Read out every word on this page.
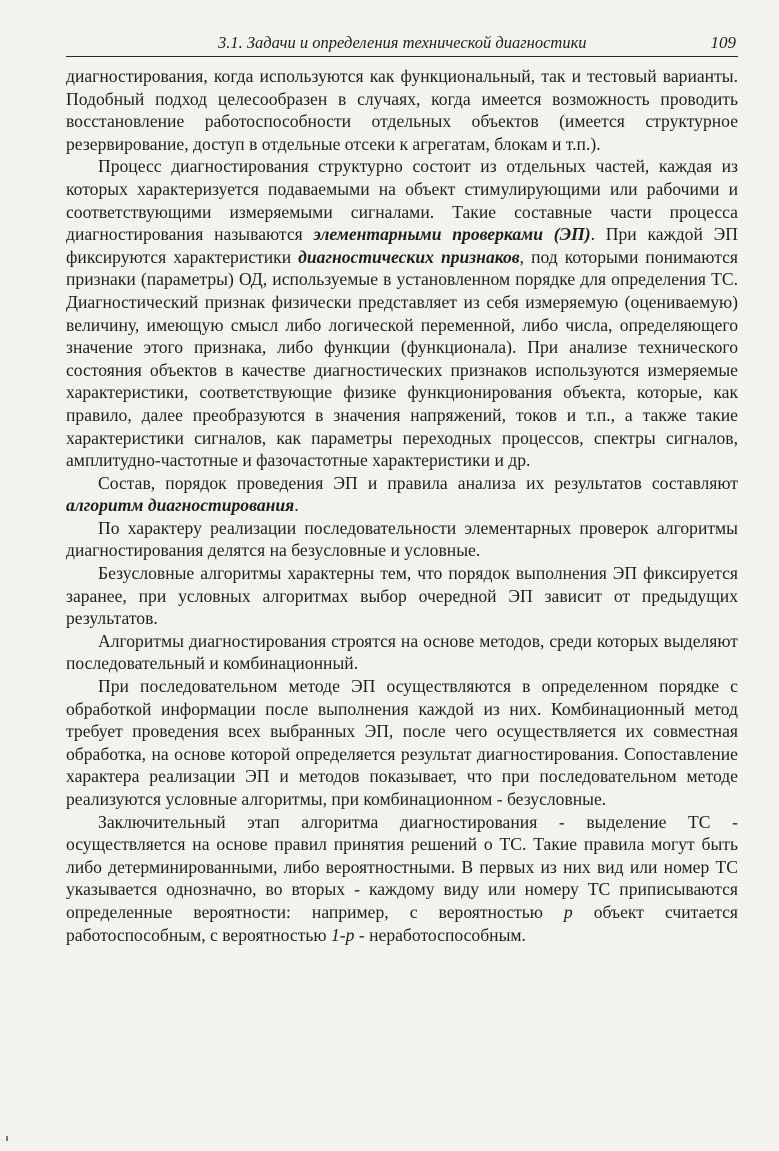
3.1. Задачи и определения технической диагностики	109

диагностирования, когда используются как функциональный, так и тестовый варианты. Подобный подход целесообразен в случаях, когда имеется возможность проводить восстановление работоспособности отдельных объектов (имеется структурное резервирование, доступ в отдельные отсеки к агрегатам, блокам и т.п.).

Процесс диагностирования структурно состоит из отдельных частей, каждая из которых характеризуется подаваемыми на объект стимулирующими или рабочими и соответствующими измеряемыми сигналами. Такие составные части процесса диагностирования называются элементарными проверками (ЭП). При каждой ЭП фиксируются характеристики диагностических признаков, под которыми понимаются признаки (параметры) ОД, используемые в установленном порядке для определения ТС. Диагностический признак физически представляет из себя измеряемую (оцениваемую) величину, имеющую смысл либо логической переменной, либо числа, определяющего значение этого признака, либо функции (функционала). При анализе технического состояния объектов в качестве диагностических признаков используются измеряемые характеристики, соответствующие физике функционирования объекта, которые, как правило, далее преобразуются в значения напряжений, токов и т.п., а также такие характеристики сигналов, как параметры переходных процессов, спектры сигналов, амплитудно-частотные и фазочастотные характеристики и др.

Состав, порядок проведения ЭП и правила анализа их результатов составляют алгоритм диагностирования.

По характеру реализации последовательности элементарных проверок алгоритмы диагностирования делятся на безусловные и условные.

Безусловные алгоритмы характерны тем, что порядок выполнения ЭП фиксируется заранее, при условных алгоритмах выбор очередной ЭП зависит от предыдущих результатов.

Алгоритмы диагностирования строятся на основе методов, среди которых выделяют последовательный и комбинационный.

При последовательном методе ЭП осуществляются в определенном порядке с обработкой информации после выполнения каждой из них. Комбинационный метод требует проведения всех выбранных ЭП, после чего осуществляется их совместная обработка, на основе которой определяется результат диагностирования. Сопоставление характера реализации ЭП и методов показывает, что при последовательном методе реализуются условные алгоритмы, при комбинационном - безусловные.

Заключительный этап алгоритма диагностирования - выделение ТС - осуществляется на основе правил принятия решений о ТС. Такие правила могут быть либо детерминированными, либо вероятностными. В первых из них вид или номер ТС указывается однозначно, во вторых - каждому виду или номеру ТС приписываются определенные вероятности: например, с вероятностью p объект считается работоспособным, с вероятностью 1-p - неработоспособным.
